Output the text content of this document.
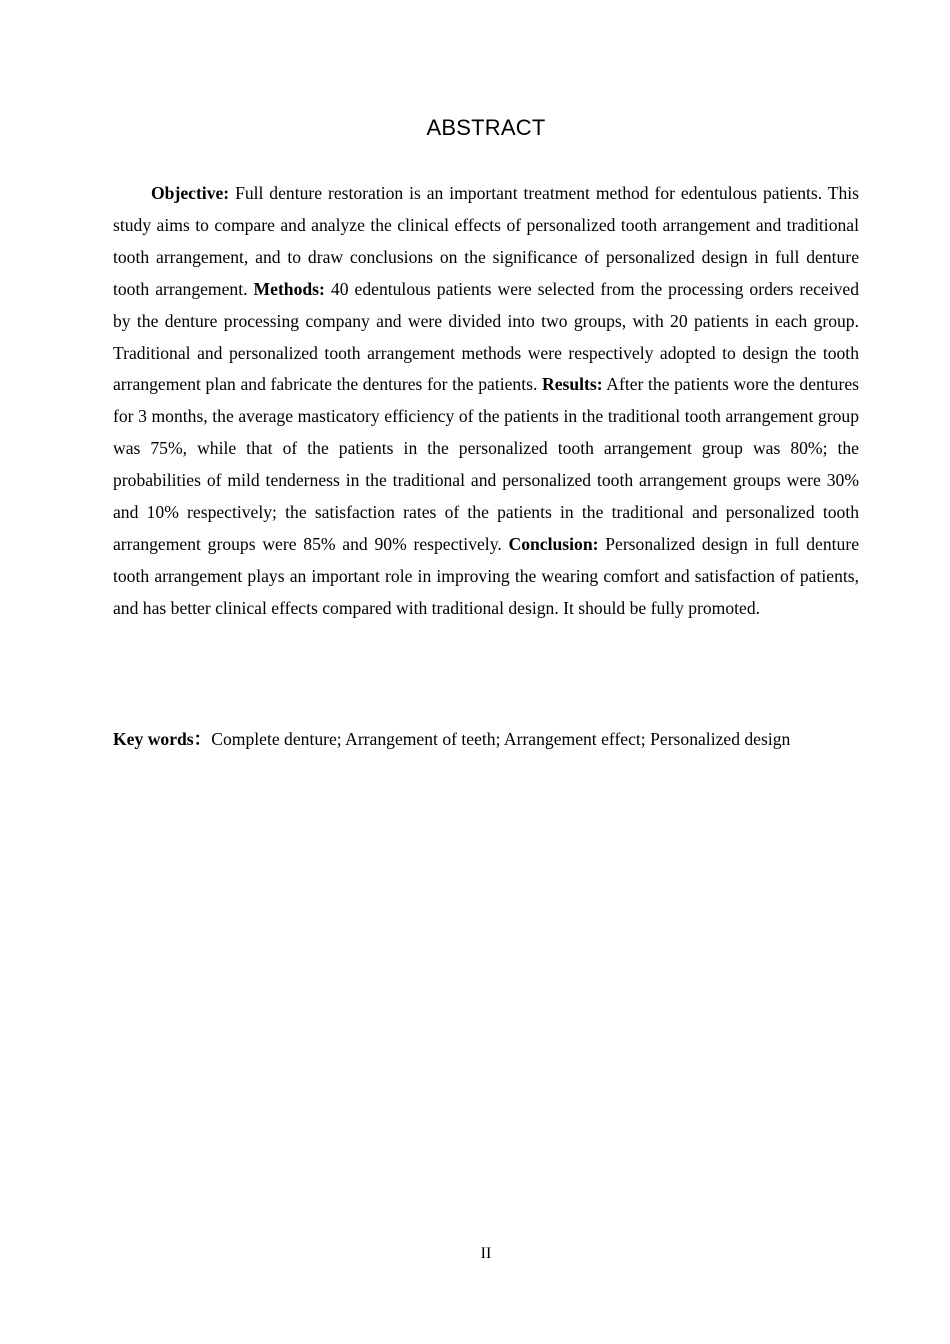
ABSTRACT

Objective: Full denture restoration is an important treatment method for edentulous patients. This study aims to compare and analyze the clinical effects of personalized tooth arrangement and traditional tooth arrangement, and to draw conclusions on the significance of personalized design in full denture tooth arrangement. Methods: 40 edentulous patients were selected from the processing orders received by the denture processing company and were divided into two groups, with 20 patients in each group. Traditional and personalized tooth arrangement methods were respectively adopted to design the tooth arrangement plan and fabricate the dentures for the patients. Results: After the patients wore the dentures for 3 months, the average masticatory efficiency of the patients in the traditional tooth arrangement group was 75%, while that of the patients in the personalized tooth arrangement group was 80%; the probabilities of mild tenderness in the traditional and personalized tooth arrangement groups were 30% and 10% respectively; the satisfaction rates of the patients in the traditional and personalized tooth arrangement groups were 85% and 90% respectively. Conclusion: Personalized design in full denture tooth arrangement plays an important role in improving the wearing comfort and satisfaction of patients, and has better clinical effects compared with traditional design. It should be fully promoted.

Key words：Complete denture; Arrangement of teeth; Arrangement effect; Personalized design
II
